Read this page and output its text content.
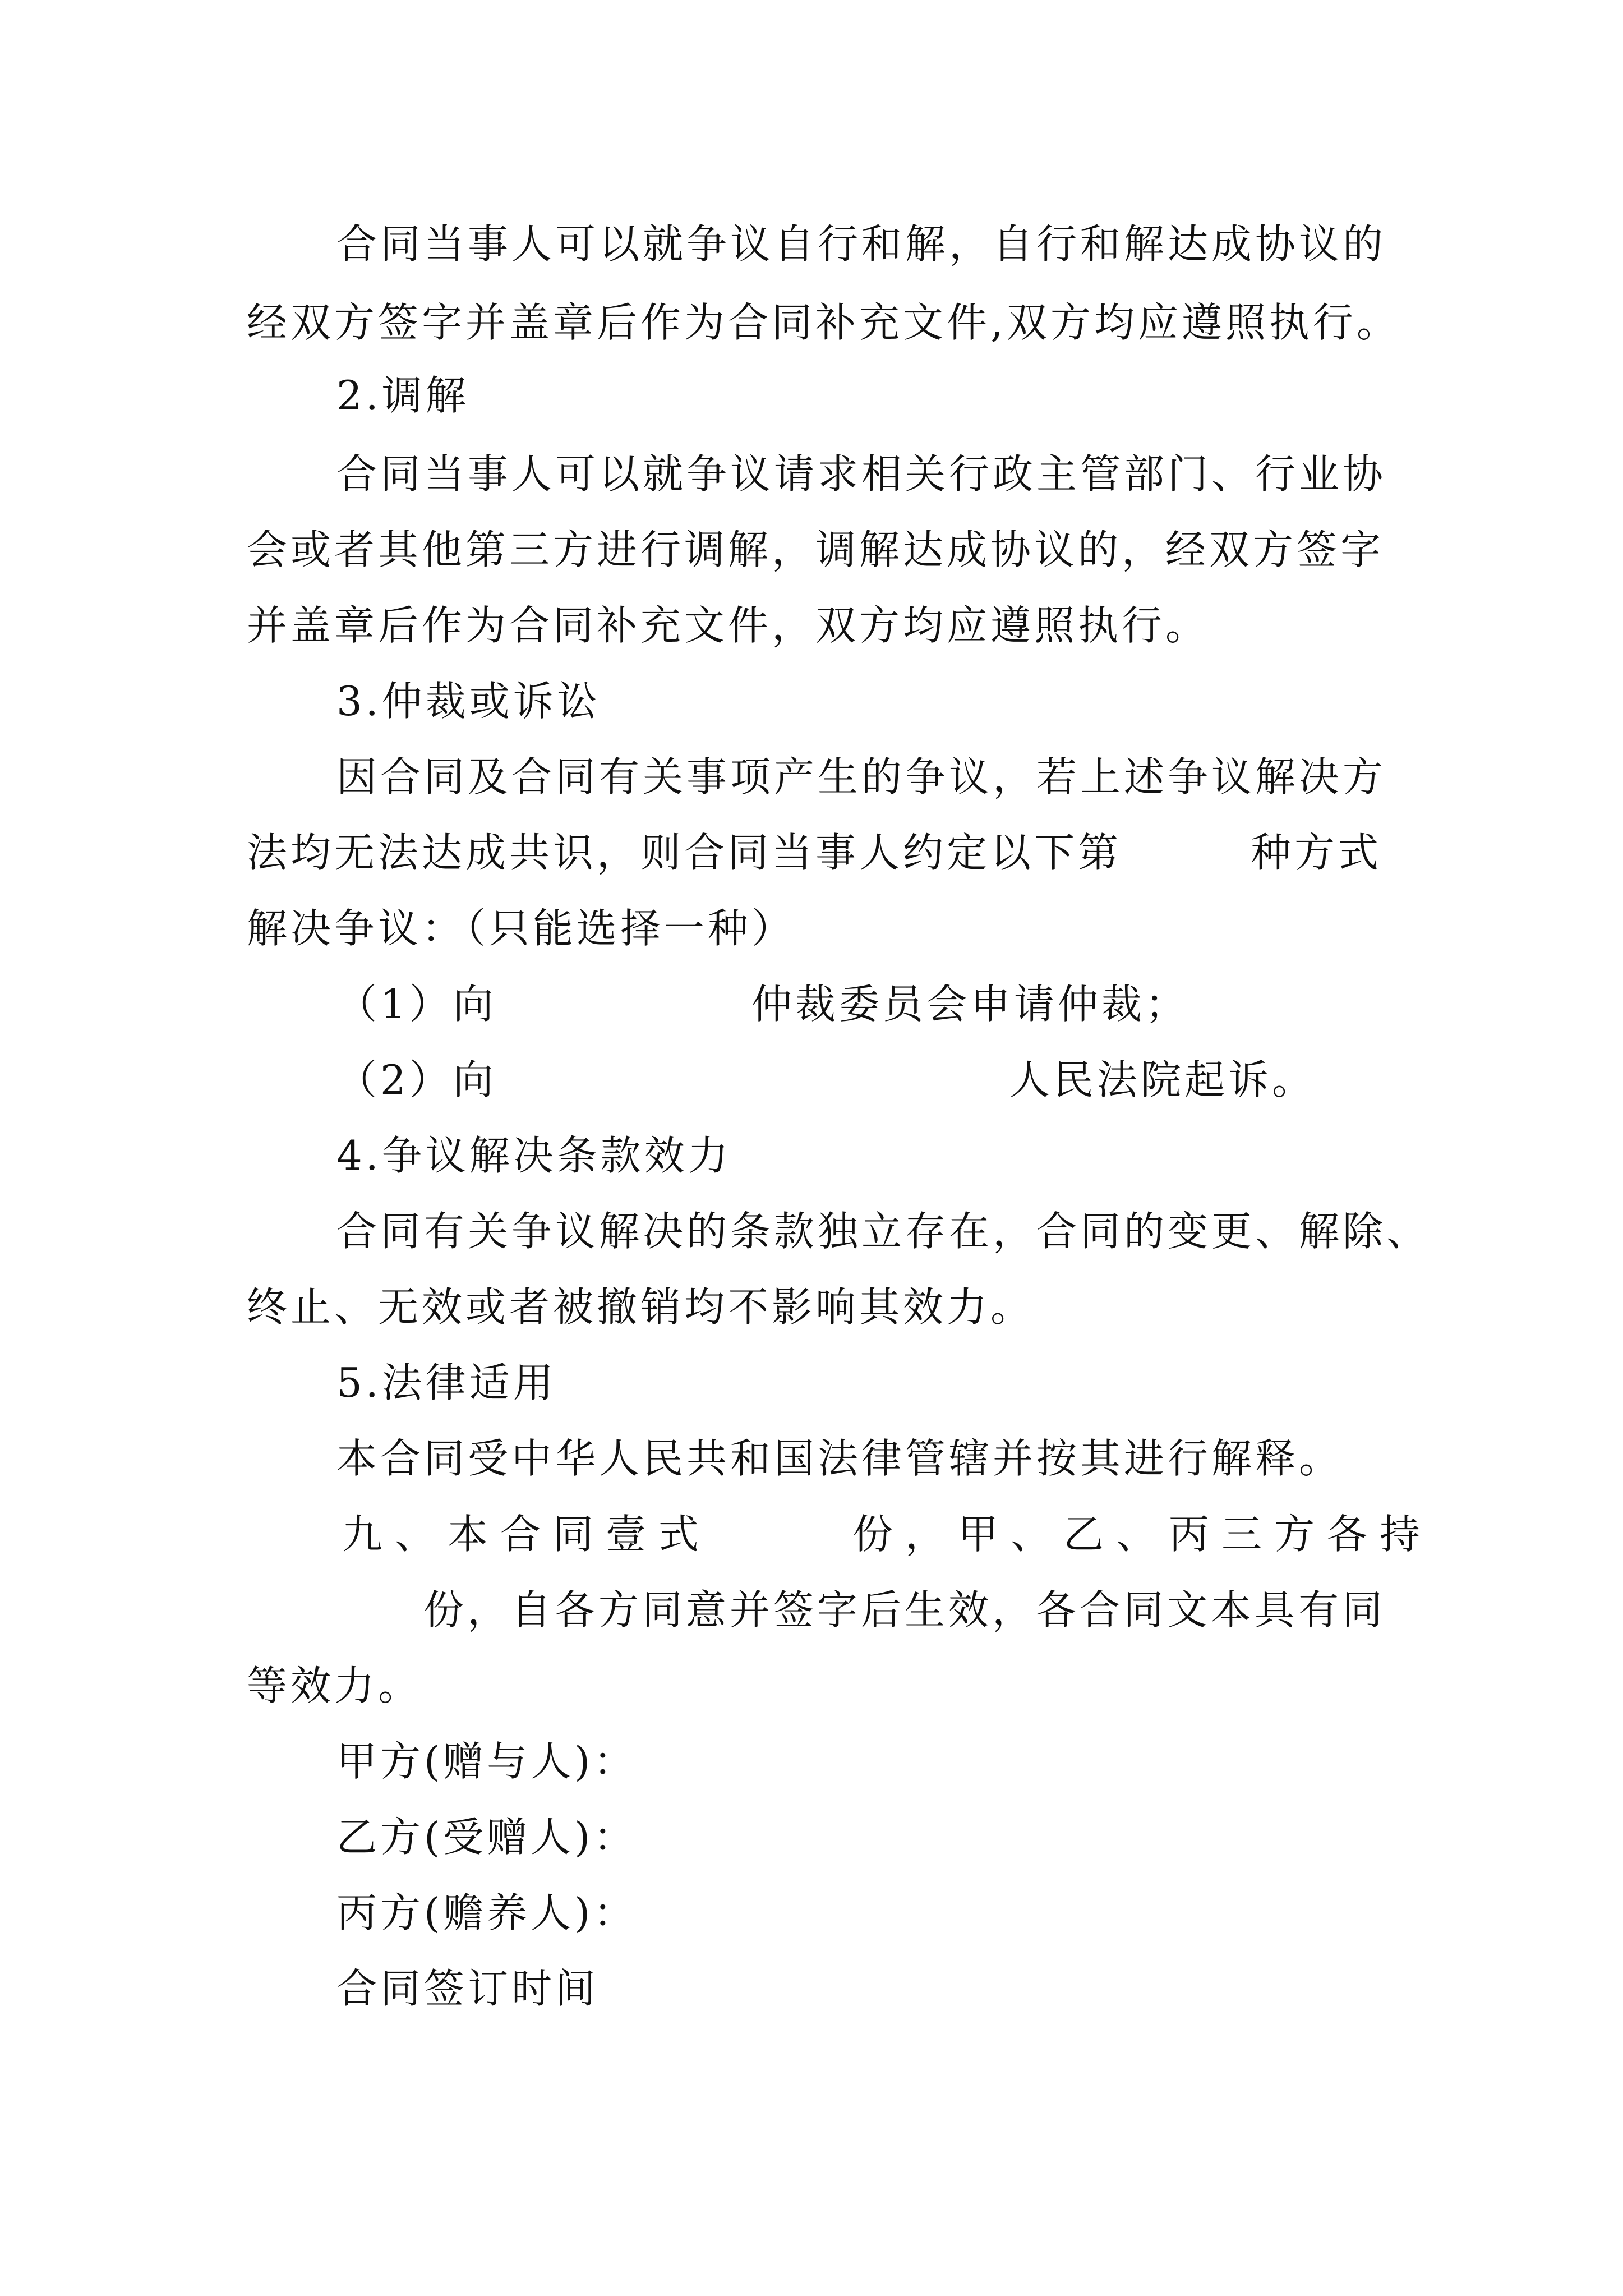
合同当事人可以就争议自行和解，自行和解达成协议的
经双方签字并盖章后作为合同补充文件,双方均应遵照执行。
2.调解
合同当事人可以就争议请求相关行政主管部门、行业协
会或者其他第三方进行调解，调解达成协议的，经双方签字
并盖章后作为合同补充文件，双方均应遵照执行。
3.仲裁或诉讼
因合同及合同有关事项产生的争议，若上述争议解决方
法均无法达成共识，则合同当事人约定以下第	种方式
解决争议：（只能选择一种）
（1）向	仲裁委员会申请仲裁；
（2）向	人民法院起诉。
4.争议解决条款效力
合同有关争议解决的条款独立存在，合同的变更、解除、
终止、无效或者被撤销均不影响其效力。
5.法律适用
本合同受中华人民共和国法律管辖并按其进行解释。
九、本合同壹式	份，甲、乙、丙三方各持
份，自各方同意并签字后生效，各合同文本具有同
等效力。
甲方(赠与人)：
乙方(受赠人)：
丙方(赡养人)：
合同签订时间
